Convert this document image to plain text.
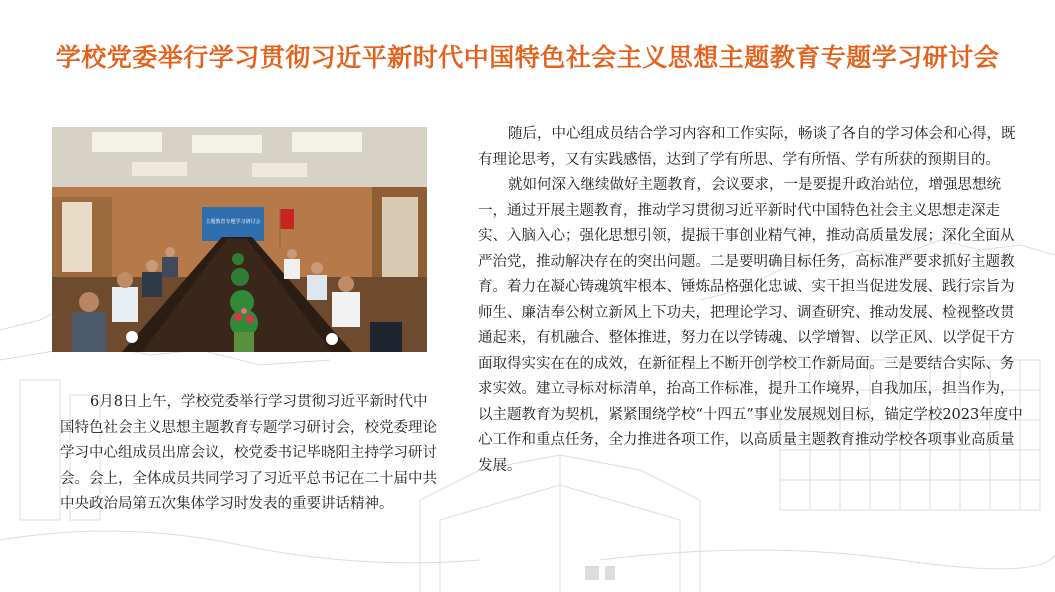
学校党委举行学习贯彻习近平新时代中国特色社会主义思想主题教育专题学习研讨会
主题教育专题学习研讨会

6月8日上午，学校党委举行学习贯彻习近平新时代中国特色社会主义思想主题教育专题学习研讨会，校党委理论学习中心组成员出席会议，校党委书记毕晓阳主持学习研讨会。会上，全体成员共同学习了习近平总书记在二十届中共中央政治局第五次集体学习时发表的重要讲话精神。

随后，中心组成员结合学习内容和工作实际，畅谈了各自的学习体会和心得，既有理论思考，又有实践感悟，达到了学有所思、学有所悟、学有所获的预期目的。

就如何深入继续做好主题教育，会议要求，一是要提升政治站位，增强思想统一，通过开展主题教育，推动学习贯彻习近平新时代中国特色社会主义思想走深走实、入脑入心；强化思想引领，提振干事创业精气神，推动高质量发展；深化全面从严治党，推动解决存在的突出问题。二是要明确目标任务，高标准严要求抓好主题教育。着力在凝心铸魂筑牢根本、锤炼品格强化忠诚、实干担当促进发展、践行宗旨为师生、廉洁奉公树立新风上下功夫，把理论学习、调查研究、推动发展、检视整改贯通起来，有机融合、整体推进，努力在以学铸魂、以学增智、以学正风、以学促干方面取得实实在在的成效，在新征程上不断开创学校工作新局面。三是要结合实际、务求实效。建立寻标对标清单，抬高工作标准，提升工作境界，自我加压，担当作为，以主题教育为契机，紧紧围绕学校“十四五”事业发展规划目标，锚定学校2023年度中心工作和重点任务，全力推进各项工作，以高质量主题教育推动学校各项事业高质量发展。
